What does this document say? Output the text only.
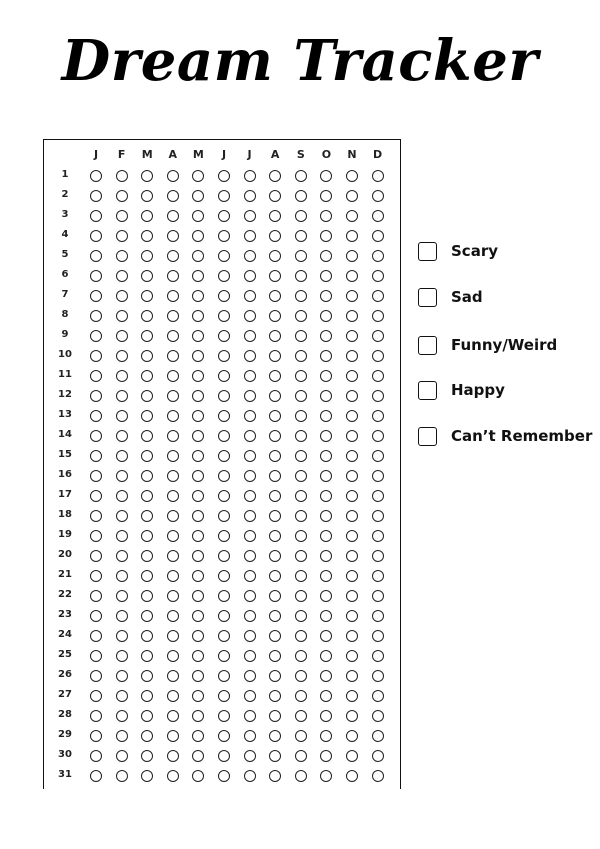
Dream Tracker
J	F	M	A	M	J	J	A	S	O	N	D
1
2
3
4
5
6
7
8
9
10
11
12
13
14
15
16
17
18
19
20
21
22
23
24
25
26
27
28
29
30
31
Scary
Sad
Funny/Weird
Happy
Can’t Remember
